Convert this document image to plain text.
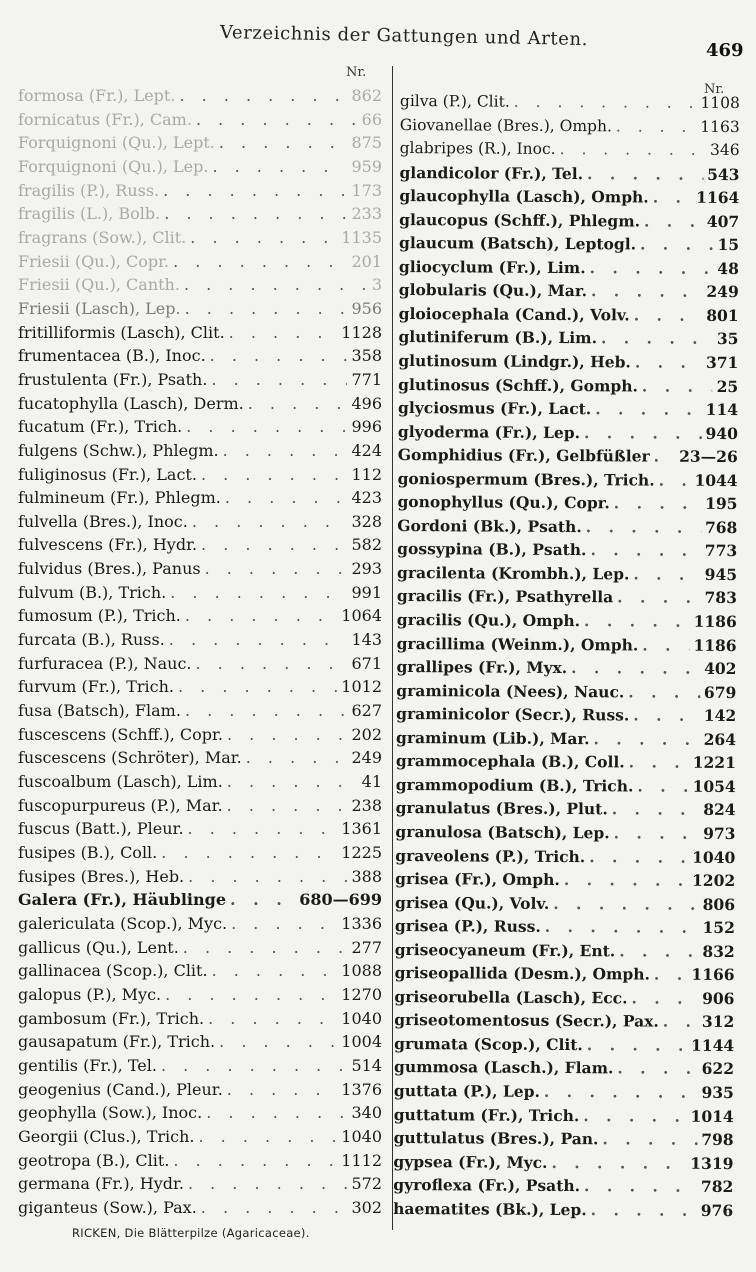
Verzeichnis der Gattungen und Arten.
469
Nr.
Nr.
formosa (Fr.), Lept. . . .	862
fornicatus (Fr.), Cam. . . .	66
Forquignoni (Qu.), Lept. . . .	875
Forquignoni (Qu.), Lep. . . .	959
fragilis (P.), Russ. . . .	173
fragilis (L.), Bolb. . . .	233
fragrans (Sow.), Clit. . . .	1135
Friesii (Qu.), Copr. . . .	201
Friesii (Qu.), Canth. . . .	3
Friesii (Lasch), Lep. . . .	956
fritilliformis (Lasch), Clit. . . .	1128
frumentacea (B.), Inoc. . . .	358
frustulenta (Fr.), Psath. . . .	771
fucatophylla (Lasch), Derm. . . .	496
fucatum (Fr.), Trich. . . .	996
fulgens (Schw.), Phlegm. . . .	424
fuliginosus (Fr.), Lact. . . .	112
fulmineum (Fr.), Phlegm. . . .	423
fulvella (Bres.), Inoc. . . .	328
fulvescens (Fr.), Hydr. . . .	582
fulvidus (Bres.), Panus . . .	293
fulvum (B.), Trich. . . .	991
fumosum (P.), Trich. . . .	1064
furcata (B.), Russ. . . .	143
furfuracea (P.), Nauc. . . .	671
furvum (Fr.), Trich. . . .	1012
fusa (Batsch), Flam. . . .	627
fuscescens (Schff.), Copr. . . .	202
fuscescens (Schröter), Mar. . . .	249
fuscoalbum (Lasch), Lim. . . .	41
fuscopurpureus (P.), Mar. . . .	238
fuscus (Batt.), Pleur. . . .	1361
fusipes (B.), Coll. . . .	1225
fusipes (Bres.), Heb. . . .	388
Galera (Fr.), Häublinge . . .	680—699
galericulata (Scop.), Myc. . . .	1336
gallicus (Qu.), Lent. . . .	277
gallinacea (Scop.), Clit. . . .	1088
galopus (P.), Myc. . . .	1270
gambosum (Fr.), Trich. . . .	1040
gausapatum (Fr.), Trich. . . .	1004
gentilis (Fr.), Tel. . . .	514
geogenius (Cand.), Pleur. . . .	1376
geophylla (Sow.), Inoc. . . .	340
Georgii (Clus.), Trich. . . .	1040
geotropa (B.), Clit. . . .	1112
germana (Fr.), Hydr. . . .	572
giganteus (Sow.), Pax. . . .	302
gilva (P.), Clit. . . .	1108
Giovanellae (Bres.), Omph. . . .	1163
glabripes (R.), Inoc. . . .	346
glandicolor (Fr.), Tel. . . .	543
glaucophylla (Lasch), Omph. . . .	1164
glaucopus (Schff.), Phlegm. . . .	407
glaucum (Batsch), Leptogl. . . .	15
gliocyclum (Fr.), Lim. . . .	48
globularis (Qu.), Mar. . . .	249
gloiocephala (Cand.), Volv. . . .	801
glutiniferum (B.), Lim. . . .	35
glutinosum (Lindgr.), Heb. . . .	371
glutinosus (Schff.), Gomph. . . .	25
glyciosmus (Fr.), Lact. . . .	114
glyoderma (Fr.), Lep. . . .	940
Gomphidius (Fr.), Gelbfüßler . . . 23—26
goniospermum (Bres.), Trich. . . .	1044
gonophyllus (Qu.), Copr. . . .	195
Gordoni (Bk.), Psath. . . .	768
gossypina (B.), Psath. . . .	773
gracilenta (Krombh.), Lep. . . .	945
gracilis (Fr.), Psathyrella . . .	783
gracilis (Qu.), Omph. . . .	1186
gracillima (Weinm.), Omph. . . .	1186
grallipes (Fr.), Myx. . . .	402
graminicola (Nees), Nauc. . . .	679
graminicolor (Secr.), Russ. . . .	142
graminum (Lib.), Mar. . . .	264
grammocephala (B.), Coll. . . .	1221
grammopodium (B.), Trich. . . .	1054
granulatus (Bres.), Plut. . . .	824
granulosa (Batsch), Lep. . . .	973
graveolens (P.), Trich. . . .	1040
grisea (Fr.), Omph. . . .	1202
grisea (Qu.), Volv. . . .	806
grisea (P.), Russ. . . .	152
griseocyaneum (Fr.), Ent. . . .	832
griseopallida (Desm.), Omph. . . .	1166
griseorubella (Lasch), Ecc. . . .	906
griseotomentosus (Secr.), Pax. . . .	312
grumata (Scop.), Clit. . . .	1144
gummosa (Lasch.), Flam. . . .	622
guttata (P.), Lep. . . .	935
guttatum (Fr.), Trich. . . .	1014
guttulatus (Bres.), Pan. . . .	798
gypsea (Fr.), Myc. . . .	1319
gyroflexa (Fr.), Psath. . . .	782
haematites (Bk.), Lep. . . .	976
RICKEN, Die Blätterpilze (Agaricaceae).
